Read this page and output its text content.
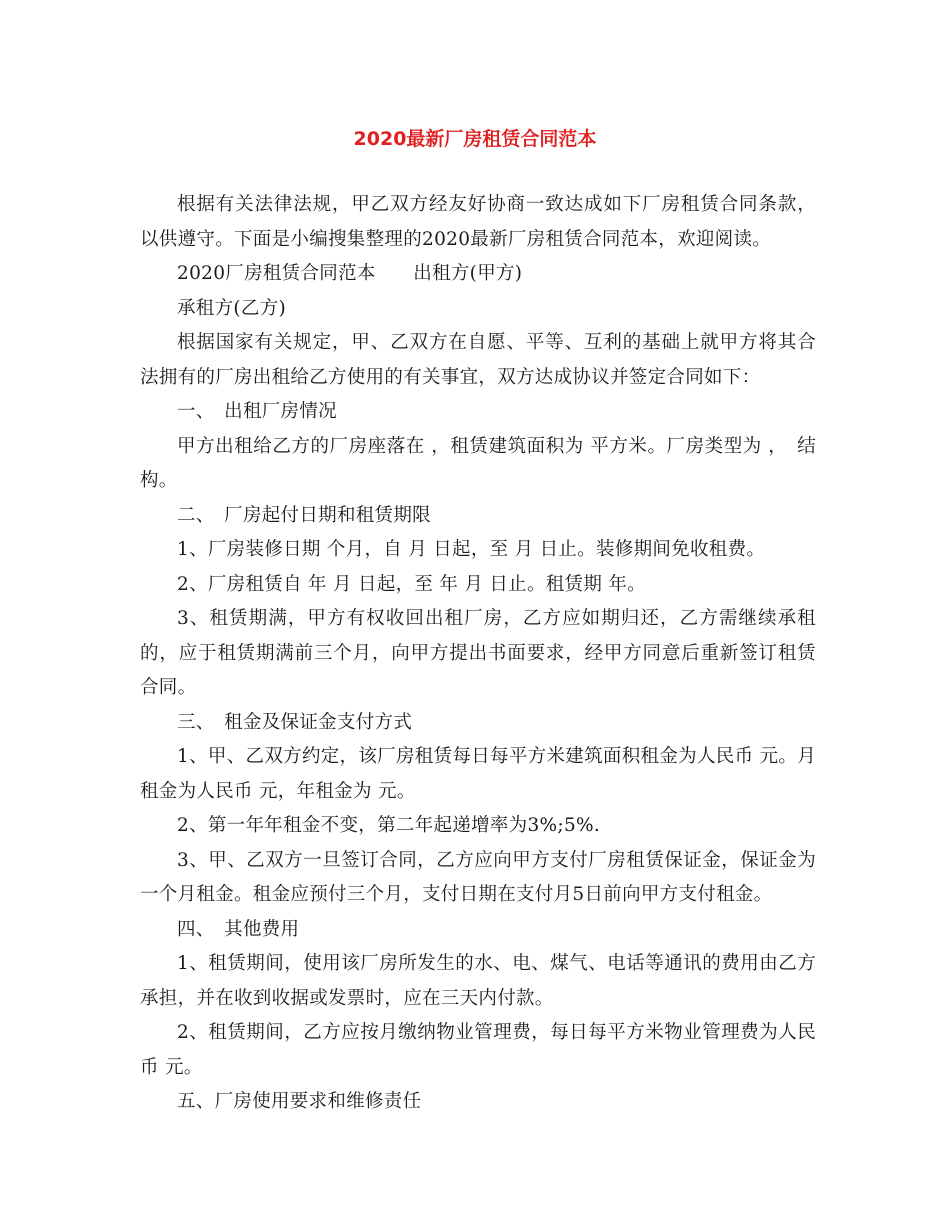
2020最新厂房租赁合同范本

根据有关法律法规，甲乙双方经友好协商一致达成如下厂房租赁合同条款，以供遵守。下面是小编搜集整理的2020最新厂房租赁合同范本，欢迎阅读。

2020厂房租赁合同范本　　出租方(甲方)

承租方(乙方)

根据国家有关规定，甲、乙双方在自愿、平等、互利的基础上就甲方将其合法拥有的厂房出租给乙方使用的有关事宜，双方达成协议并签定合同如下：

一、　出租厂房情况

甲方出租给乙方的厂房座落在 ，租赁建筑面积为 平方米。厂房类型为 ，　结构。

二、　厂房起付日期和租赁期限

1、厂房装修日期 个月，自 月 日起，至 月 日止。装修期间免收租费。

2、厂房租赁自 年 月 日起，至 年 月 日止。租赁期 年。

3、租赁期满，甲方有权收回出租厂房，乙方应如期归还，乙方需继续承租的，应于租赁期满前三个月，向甲方提出书面要求，经甲方同意后重新签订租赁合同。

三、　租金及保证金支付方式

1、甲、乙双方约定，该厂房租赁每日每平方米建筑面积租金为人民币 元。月租金为人民币 元，年租金为 元。

2、第一年年租金不变，第二年起递增率为3%;5%.

3、甲、乙双方一旦签订合同，乙方应向甲方支付厂房租赁保证金，保证金为一个月租金。租金应预付三个月，支付日期在支付月5日前向甲方支付租金。

四、　其他费用

1、租赁期间，使用该厂房所发生的水、电、煤气、电话等通讯的费用由乙方承担，并在收到收据或发票时，应在三天内付款。

2、租赁期间，乙方应按月缴纳物业管理费，每日每平方米物业管理费为人民币 元。

五、厂房使用要求和维修责任
